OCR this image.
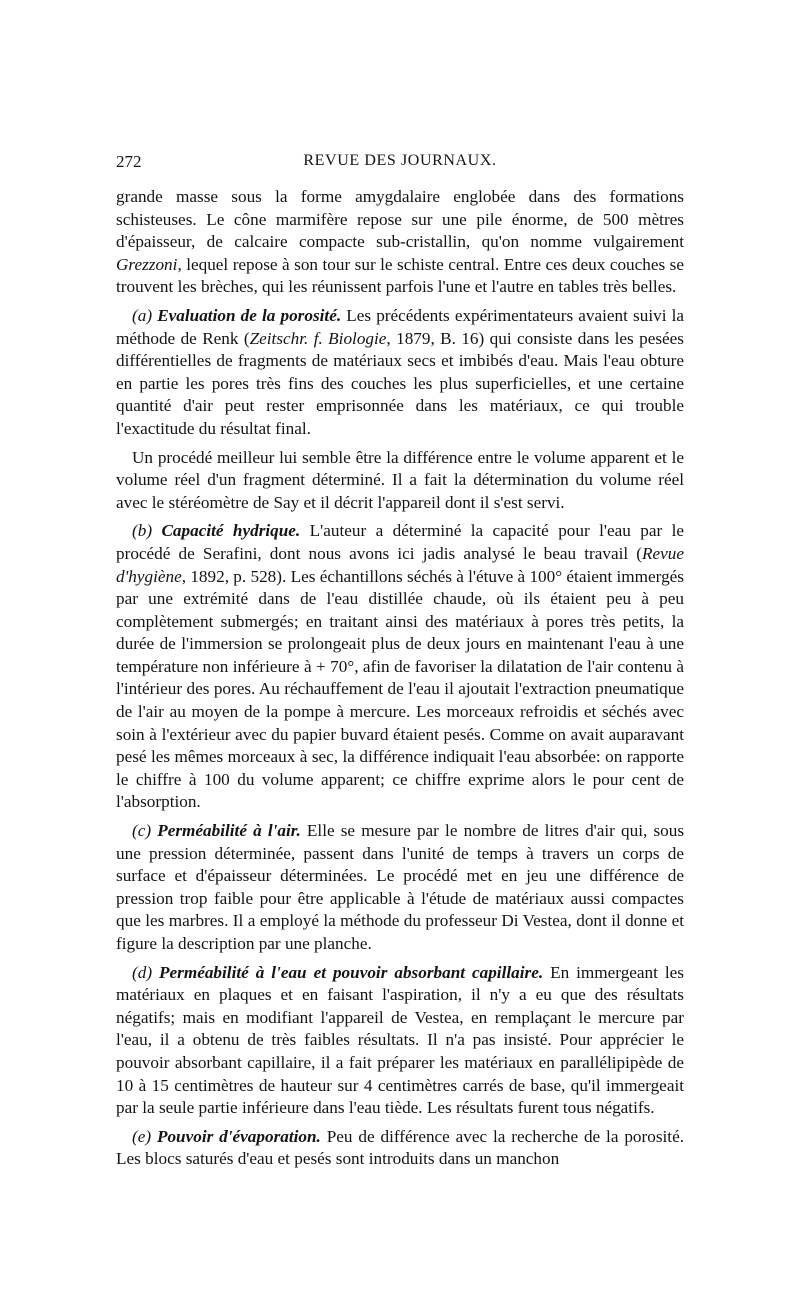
272	REVUE DES JOURNAUX.

grande masse sous la forme amygdalaire englobée dans des formations schisteuses. Le cône marmifère repose sur une pile énorme, de 500 mètres d'épaisseur, de calcaire compacte sub-cristallin, qu'on nomme vulgairement Grezzoni, lequel repose à son tour sur le schiste central. Entre ces deux couches se trouvent les brèches, qui les réunissent parfois l'une et l'autre en tables très belles.

(a) Evaluation de la porosité. Les précédents expérimentateurs avaient suivi la méthode de Renk (Zeitschr. f. Biologie, 1879, B. 16) qui consiste dans les pesées différentielles de fragments de matériaux secs et imbibés d'eau. Mais l'eau obture en partie les pores très fins des couches les plus superficielles, et une certaine quantité d'air peut rester emprisonnée dans les matériaux, ce qui trouble l'exactitude du résultat final.

Un procédé meilleur lui semble être la différence entre le volume apparent et le volume réel d'un fragment déterminé. Il a fait la détermination du volume réel avec le stéréomètre de Say et il décrit l'appareil dont il s'est servi.

(b) Capacité hydrique. L'auteur a déterminé la capacité pour l'eau par le procédé de Serafini, dont nous avons ici jadis analysé le beau travail (Revue d'hygiène, 1892, p. 528). Les échantillons séchés à l'étuve à 100° étaient immergés par une extrémité dans de l'eau distillée chaude, où ils étaient peu à peu complètement submergés; en traitant ainsi des matériaux à pores très petits, la durée de l'immersion se prolongeait plus de deux jours en maintenant l'eau à une température non inférieure à + 70°, afin de favoriser la dilatation de l'air contenu à l'intérieur des pores. Au réchauffement de l'eau il ajoutait l'extraction pneumatique de l'air au moyen de la pompe à mercure. Les morceaux refroidis et séchés avec soin à l'extérieur avec du papier buvard étaient pesés. Comme on avait auparavant pesé les mêmes morceaux à sec, la différence indiquait l'eau absorbée: on rapporte le chiffre à 100 du volume apparent; ce chiffre exprime alors le pour cent de l'absorption.

(c) Perméabilité à l'air. Elle se mesure par le nombre de litres d'air qui, sous une pression déterminée, passent dans l'unité de temps à travers un corps de surface et d'épaisseur déterminées. Le procédé met en jeu une différence de pression trop faible pour être applicable à l'étude de matériaux aussi compactes que les marbres. Il a employé la méthode du professeur Di Vestea, dont il donne et figure la description par une planche.

(d) Perméabilité à l'eau et pouvoir absorbant capillaire. En immergeant les matériaux en plaques et en faisant l'aspiration, il n'y a eu que des résultats négatifs; mais en modifiant l'appareil de Vestea, en remplaçant le mercure par l'eau, il a obtenu de très faibles résultats. Il n'a pas insisté. Pour apprécier le pouvoir absorbant capillaire, il a fait préparer les matériaux en parallélipipède de 10 à 15 centimètres de hauteur sur 4 centimètres carrés de base, qu'il immergeait par la seule partie inférieure dans l'eau tiède. Les résultats furent tous négatifs.

(e) Pouvoir d'évaporation. Peu de différence avec la recherche de la porosité. Les blocs saturés d'eau et pesés sont introduits dans un manchon
